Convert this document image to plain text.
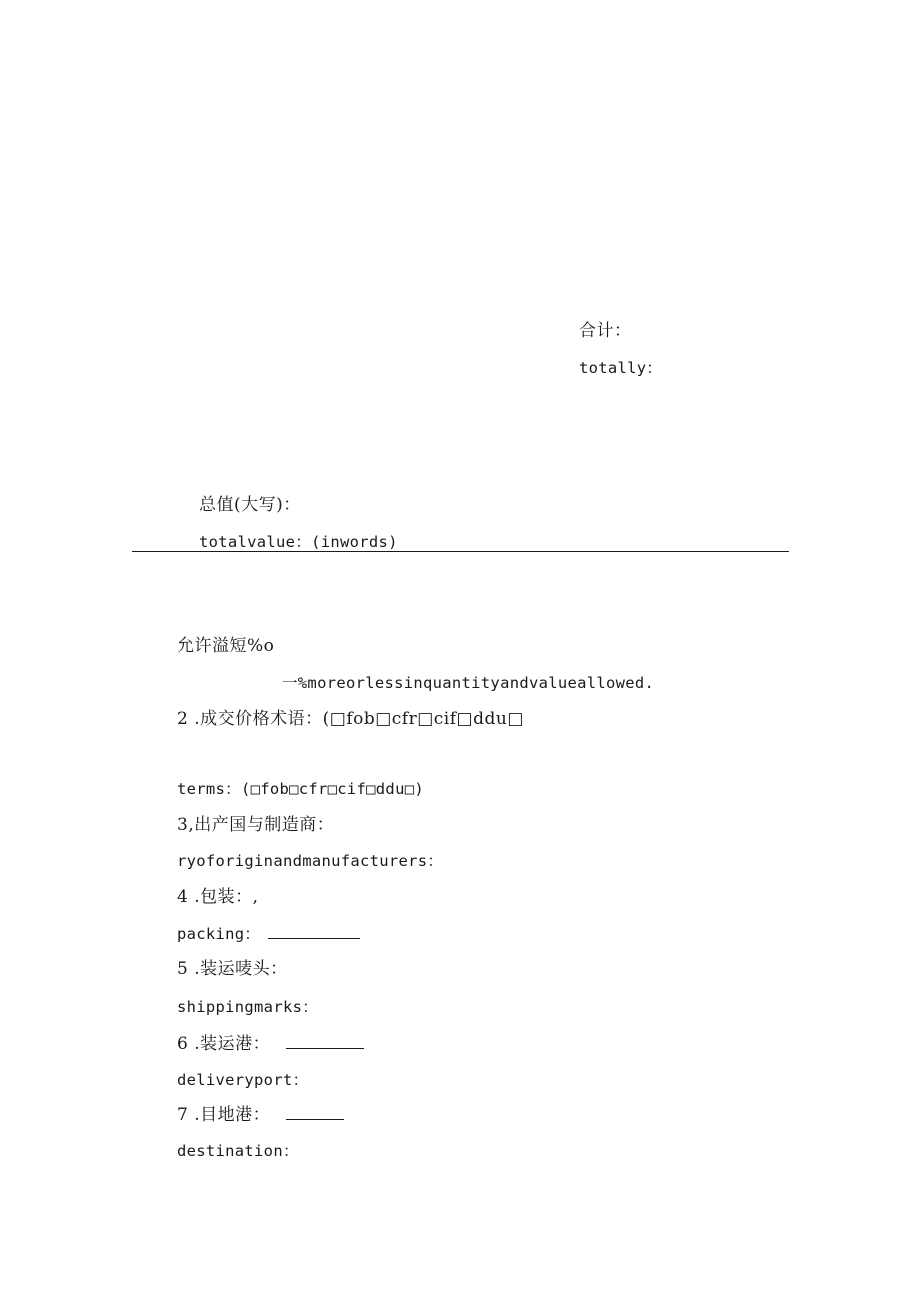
合计：
totally：
总值(大写)：
totalvalue：(inwords)
允许溢短%o
一%moreorlessinquantityandvalueallowed.
2 .成交价格术语：(□fob□cfr□cif□ddu□
terms：(□fob□cfr□cif□ddu□)
3,出产国与制造商：
ryoforiginandmanufacturers：
4 .包装：,
packing：
5 .装运唛头：
shippingmarks：
6 .装运港：
deliveryport：
7 .目地港：
destination：
